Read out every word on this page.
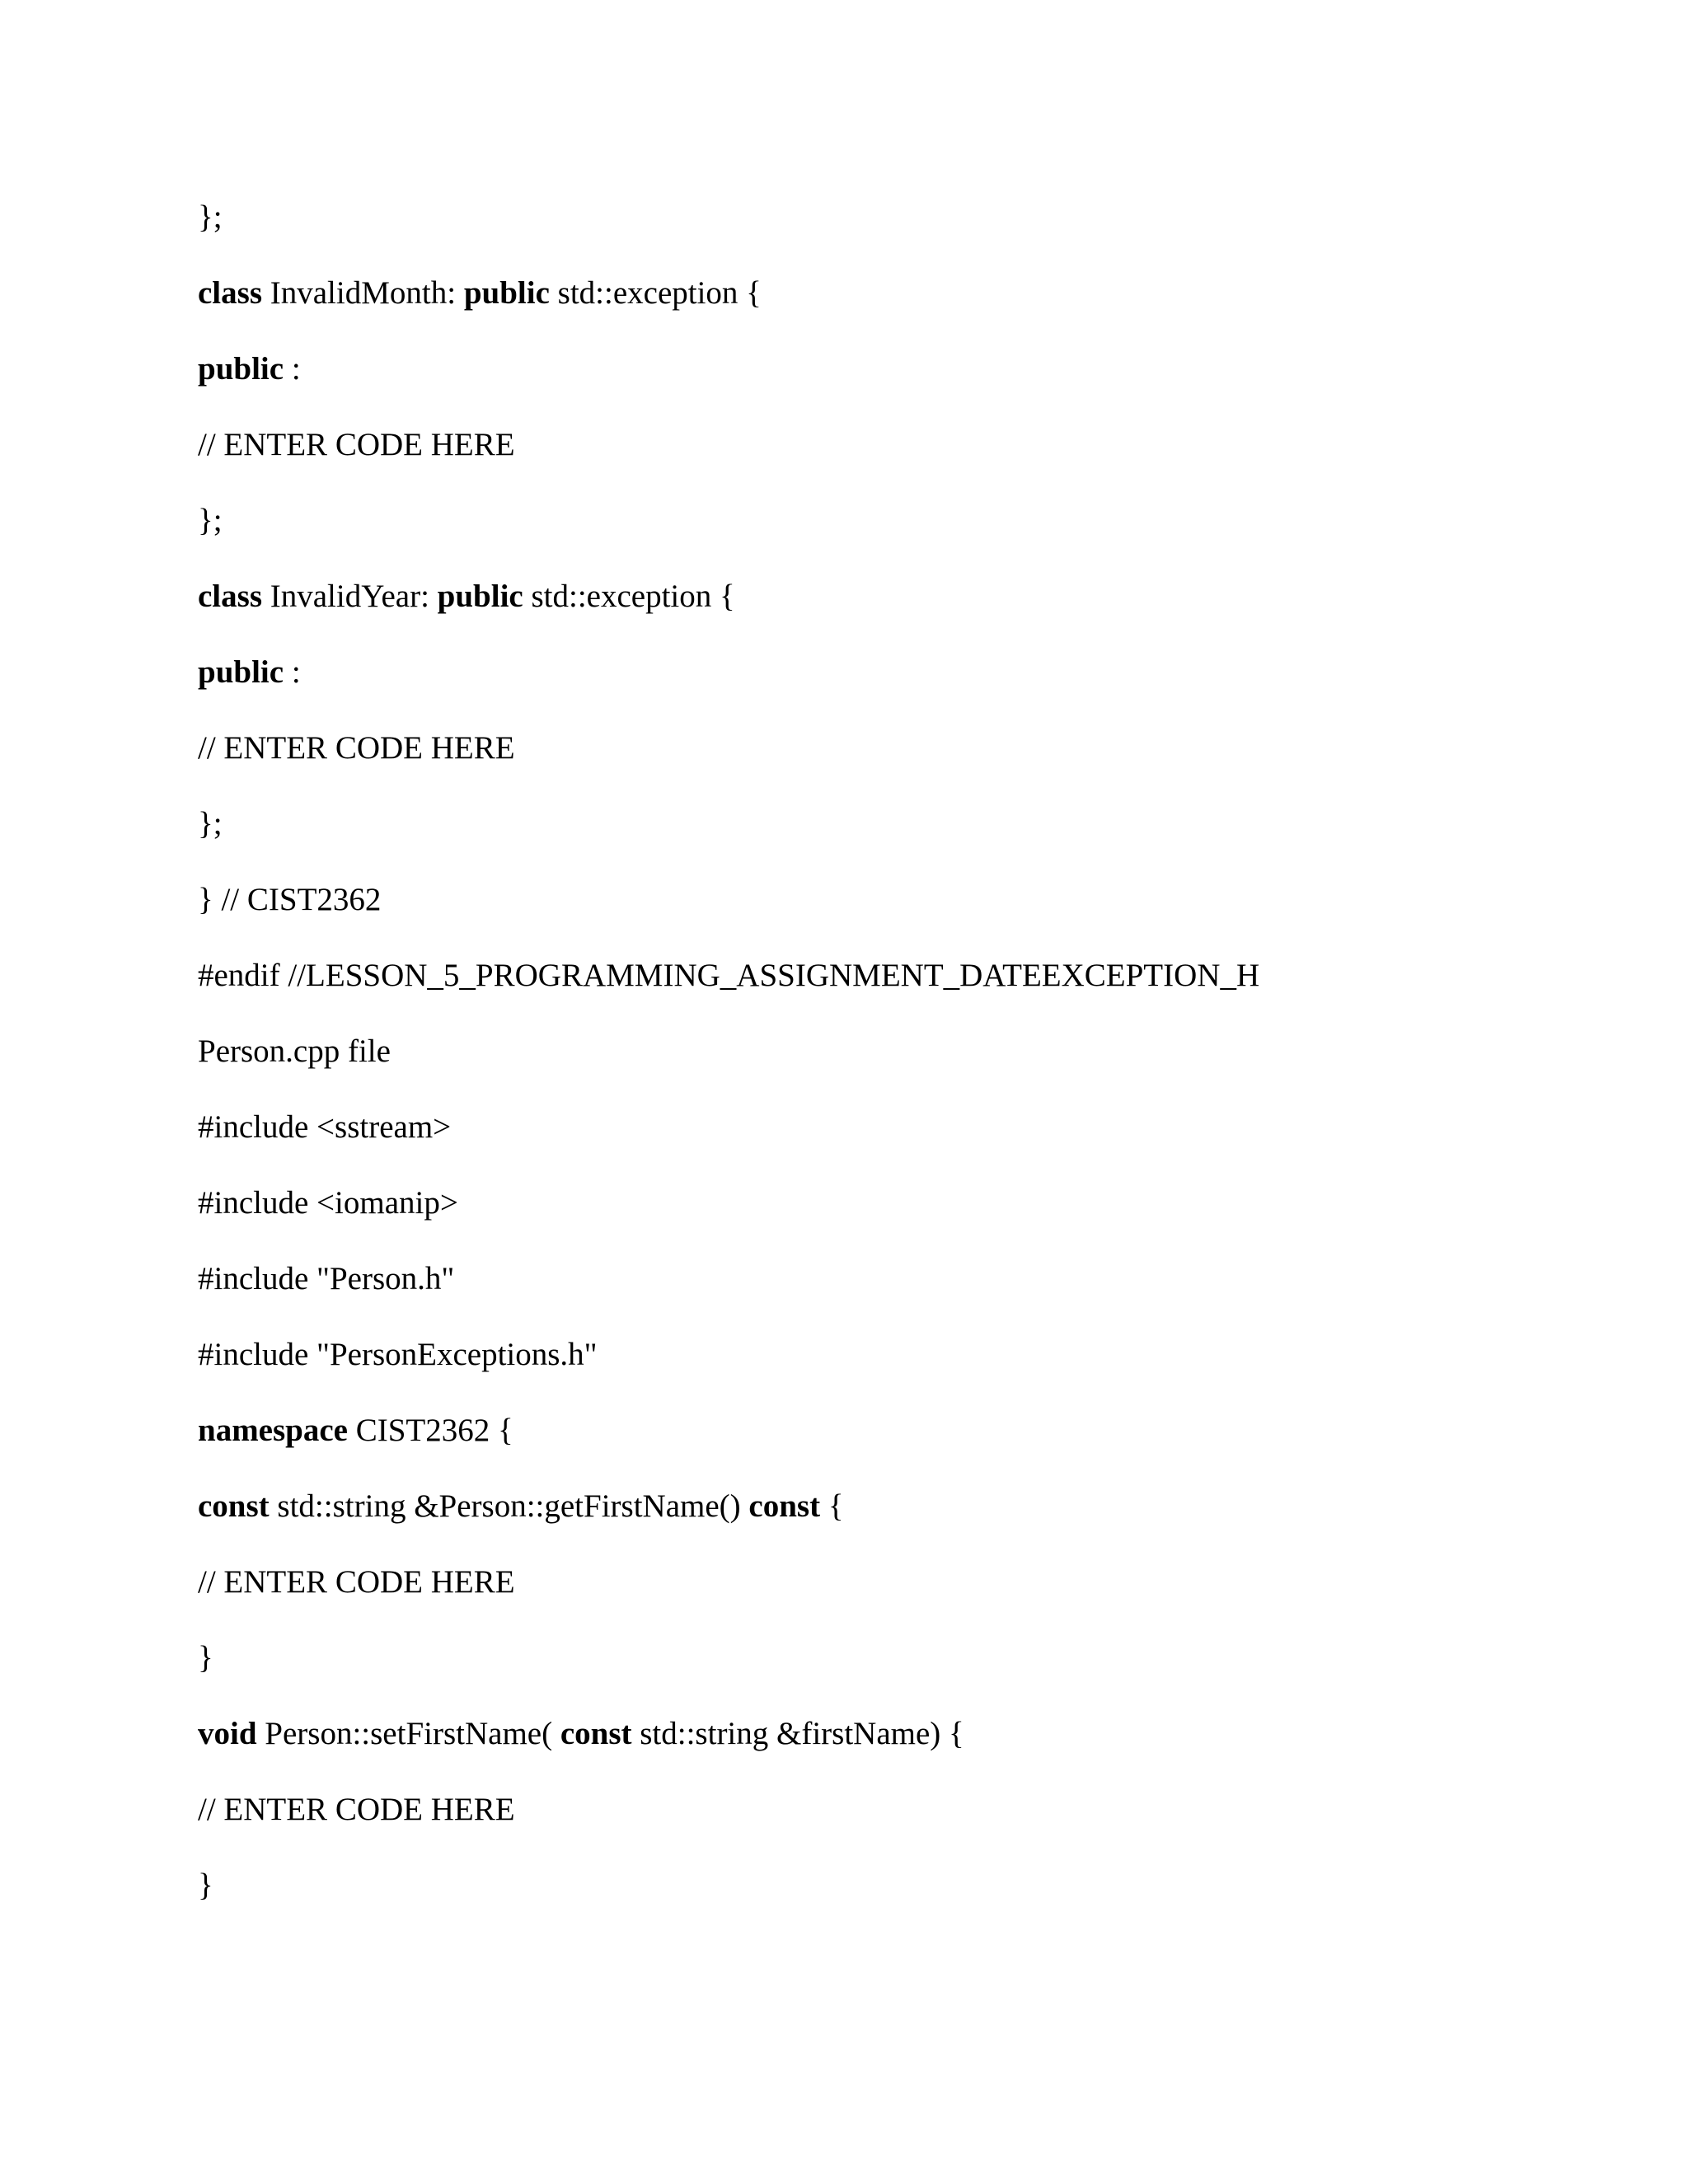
};
class InvalidMonth: public std::exception {
public :
// ENTER CODE HERE
};
class InvalidYear: public std::exception {
public :
// ENTER CODE HERE
};
} // CIST2362
#endif //LESSON_5_PROGRAMMING_ASSIGNMENT_DATEEXCEPTION_H
Person.cpp file
#include <sstream>
#include <iomanip>
#include "Person.h"
#include "PersonExceptions.h"
namespace CIST2362 {
const std::string &Person::getFirstName() const {
// ENTER CODE HERE
}
void Person::setFirstName( const std::string &firstName) {
// ENTER CODE HERE
}
